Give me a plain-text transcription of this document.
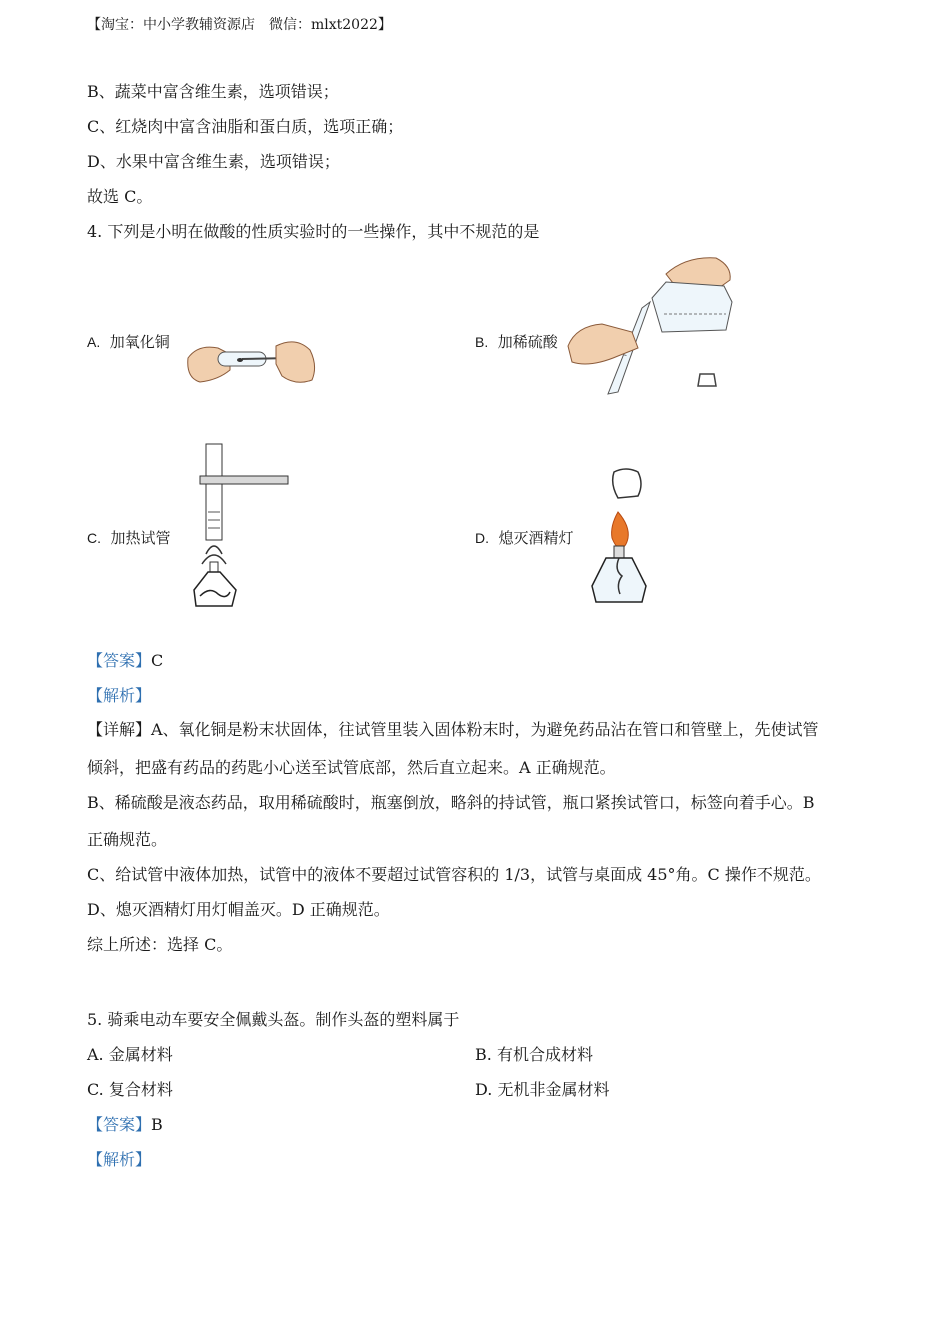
【淘宝：中小学教辅资源店　微信：mlxt2022】
B、蔬菜中富含维生素，选项错误；
C、红烧肉中富含油脂和蛋白质，选项正确；
D、水果中富含维生素，选项错误；
故选 C。
4. 下列是小明在做酸的性质实验时的一些操作，其中不规范的是
A. 加氧化铜	B. 加稀硫酸
C. 加热试管	D. 熄灭酒精灯
【答案】C
【解析】
【详解】A、氧化铜是粉末状固体，往试管里装入固体粉末时，为避免药品沾在管口和管壁上，先使试管
倾斜，把盛有药品的药匙小心送至试管底部，然后直立起来。A 正确规范。
B、稀硫酸是液态药品，取用稀硫酸时，瓶塞倒放，略斜的持试管，瓶口紧挨试管口，标签向着手心。B
正确规范。
C、给试管中液体加热，试管中的液体不要超过试管容积的 1/3，试管与桌面成 45°角。C 操作不规范。
D、熄灭酒精灯用灯帽盖灭。D 正确规范。
综上所述：选择 C。
5. 骑乘电动车要安全佩戴头盔。制作头盔的塑料属于
A. 金属材料	B. 有机合成材料
C. 复合材料	D. 无机非金属材料
【答案】B
【解析】
